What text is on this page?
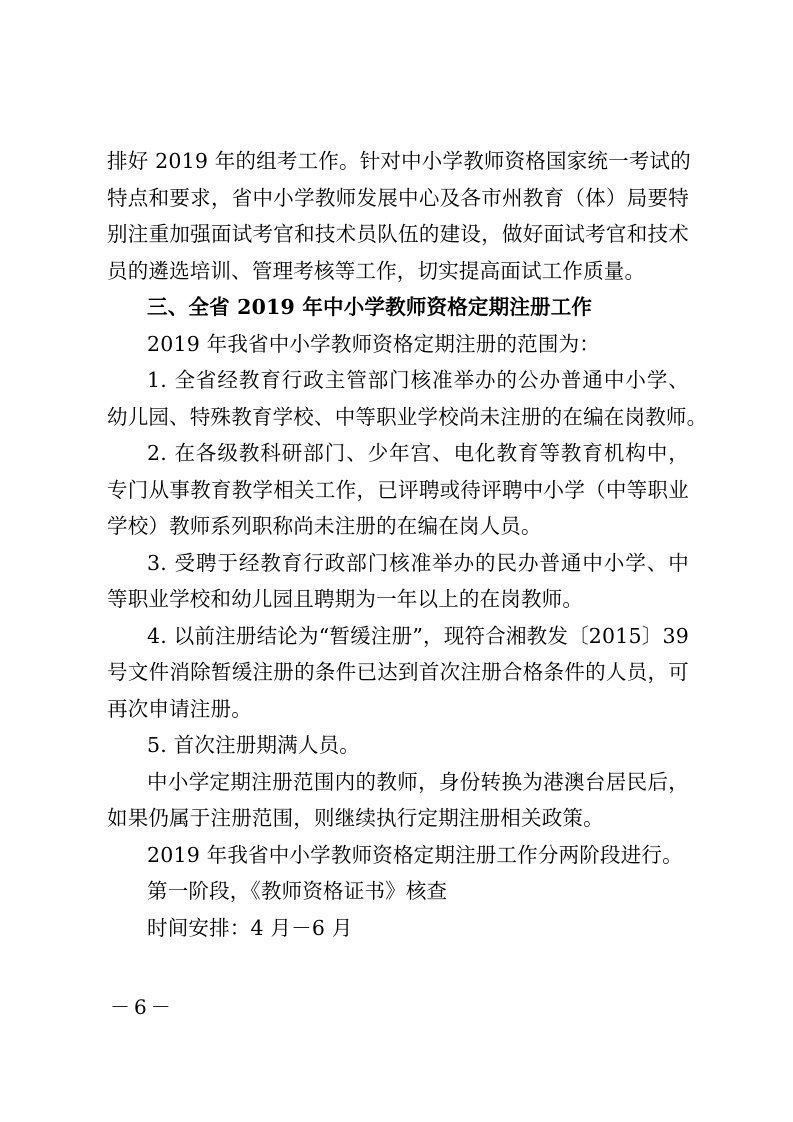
排好 2019 年的组考工作。针对中小学教师资格国家统一考试的
特点和要求，省中小学教师发展中心及各市州教育（体）局要特
别注重加强面试考官和技术员队伍的建设，做好面试考官和技术
员的遴选培训、管理考核等工作，切实提高面试工作质量。
三、全省 2019 年中小学教师资格定期注册工作
2019 年我省中小学教师资格定期注册的范围为：
1. 全省经教育行政主管部门核准举办的公办普通中小学、
幼儿园、特殊教育学校、中等职业学校尚未注册的在编在岗教师。
2. 在各级教科研部门、少年宫、电化教育等教育机构中，
专门从事教育教学相关工作，已评聘或待评聘中小学（中等职业
学校）教师系列职称尚未注册的在编在岗人员。
3. 受聘于经教育行政部门核准举办的民办普通中小学、中
等职业学校和幼儿园且聘期为一年以上的在岗教师。
4. 以前注册结论为“暂缓注册”，现符合湘教发〔2015〕39
号文件消除暂缓注册的条件已达到首次注册合格条件的人员，可
再次申请注册。
5. 首次注册期满人员。
中小学定期注册范围内的教师，身份转换为港澳台居民后，
如果仍属于注册范围，则继续执行定期注册相关政策。
2019 年我省中小学教师资格定期注册工作分两阶段进行。
第一阶段，《教师资格证书》核查
时间安排：4 月－6 月
－6－
